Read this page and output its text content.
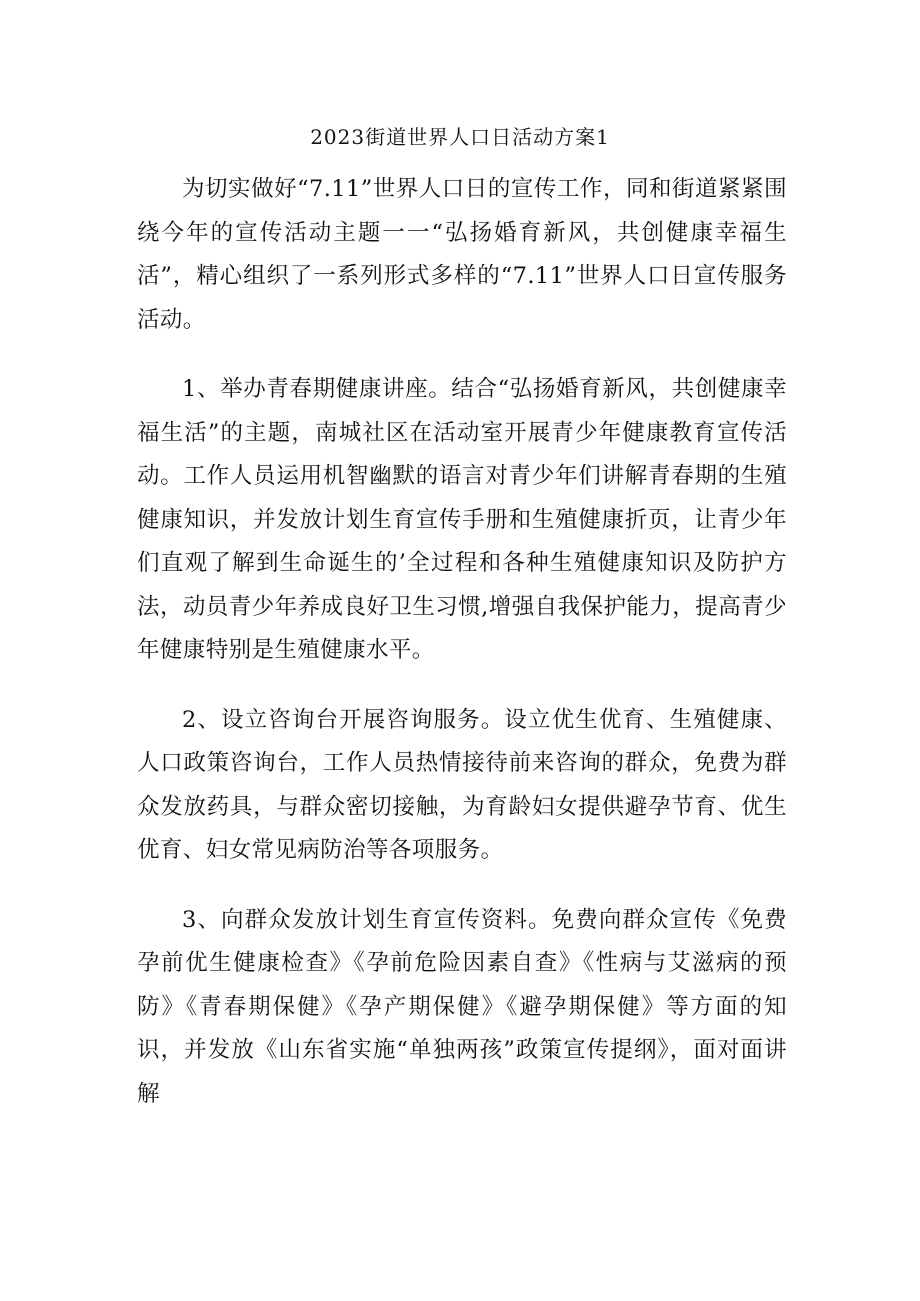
2023街道世界人口日活动方案1

为切实做好“7.11”世界人口日的宣传工作，同和街道紧紧围绕今年的宣传活动主题一一“弘扬婚育新风，共创健康幸福生活”，精心组织了一系列形式多样的“7.11”世界人口日宣传服务活动。

1、举办青春期健康讲座。结合“弘扬婚育新风，共创健康幸福生活”的主题，南城社区在活动室开展青少年健康教育宣传活动。工作人员运用机智幽默的语言对青少年们讲解青春期的生殖健康知识，并发放计划生育宣传手册和生殖健康折页，让青少年们直观了解到生命诞生的’全过程和各种生殖健康知识及防护方法，动员青少年养成良好卫生习惯,增强自我保护能力，提高青少年健康特别是生殖健康水平。

2、设立咨询台开展咨询服务。设立优生优育、生殖健康、人口政策咨询台，工作人员热情接待前来咨询的群众，免费为群众发放药具，与群众密切接触，为育龄妇女提供避孕节育、优生优育、妇女常见病防治等各项服务。

3、向群众发放计划生育宣传资料。免费向群众宣传《免费孕前优生健康检查》《孕前危险因素自查》《性病与艾滋病的预防》《青春期保健》《孕产期保健》《避孕期保健》等方面的知识，并发放《山东省实施“单独两孩”政策宣传提纲》，面对面讲解
